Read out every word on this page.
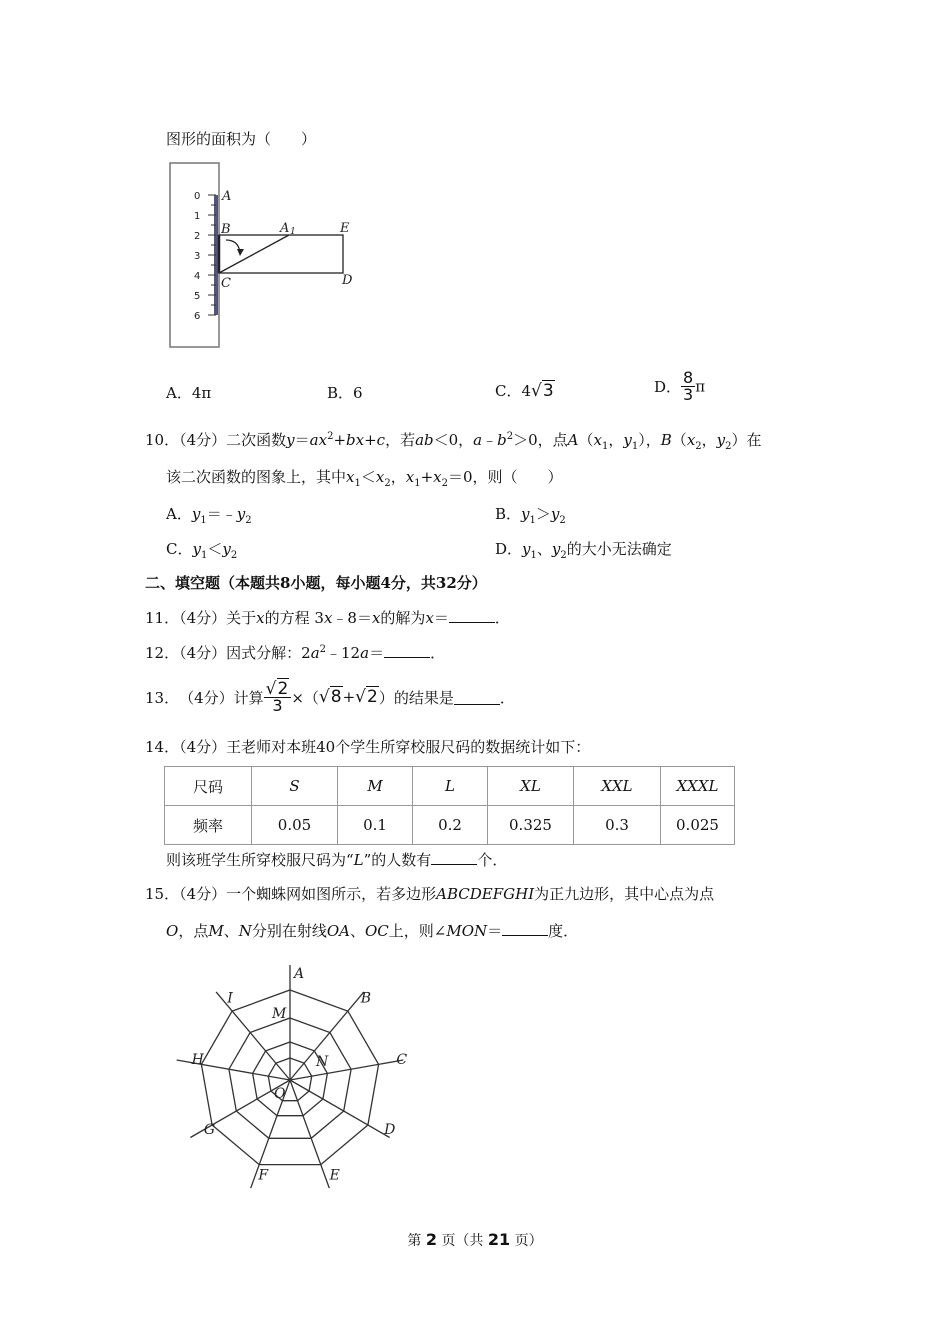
图形的面积为（　　）
0
1
2
3
4
5
6
A
B	A 1	E
C	D
A．4π	B．6	C．4√3	D． $\frac{8}{3}$ π
10．（4分）二次函数$y=ax^2+bx+c$，若ab＜0，$a﹣b^2>0$，点$A(x_1$，$y_1$），$B(x_2$，$y_2$）在
该二次函数的图象上，其中$x_1<x_2$，$x_1+x_2=0$，则（　　）
A．$y_1=﹣y_2$	B．$y_1>y_2$
C．$y_1<y_2$	D．$y_1$、$y_2$的大小无法确定
二、填空题（本题共8小题，每小题4分，共32分）
11．（4分）关于x的方程 3x﹣8＝x的解为x＝	．
12．（4分）因式分解：$2a^2﹣12a=$	．
13． （4分） 计算 $\frac{√2}{3}$ ×（ √8 + √2 ） 的结果是	．
14．（4分）王老师对本班40个学生所穿校服尺码的数据统计如下：
尺码	S	M	L	XL	XXL	XXXL
频率	0.05	0.1	0.2	0.325	0.3	0.025
则该班学生所穿校服尺码为“L”的人数有	个．
15．（4分）一个蜘蛛网如图所示，若多边形ABCDEFGHI为正九边形，其中心点为点
O，点M、N分别在射线OA、OC上，则∠MON＝	度．
A
B
C
D
E
F
G
H
I
M
N
O
第 2 页（共 21 页）
